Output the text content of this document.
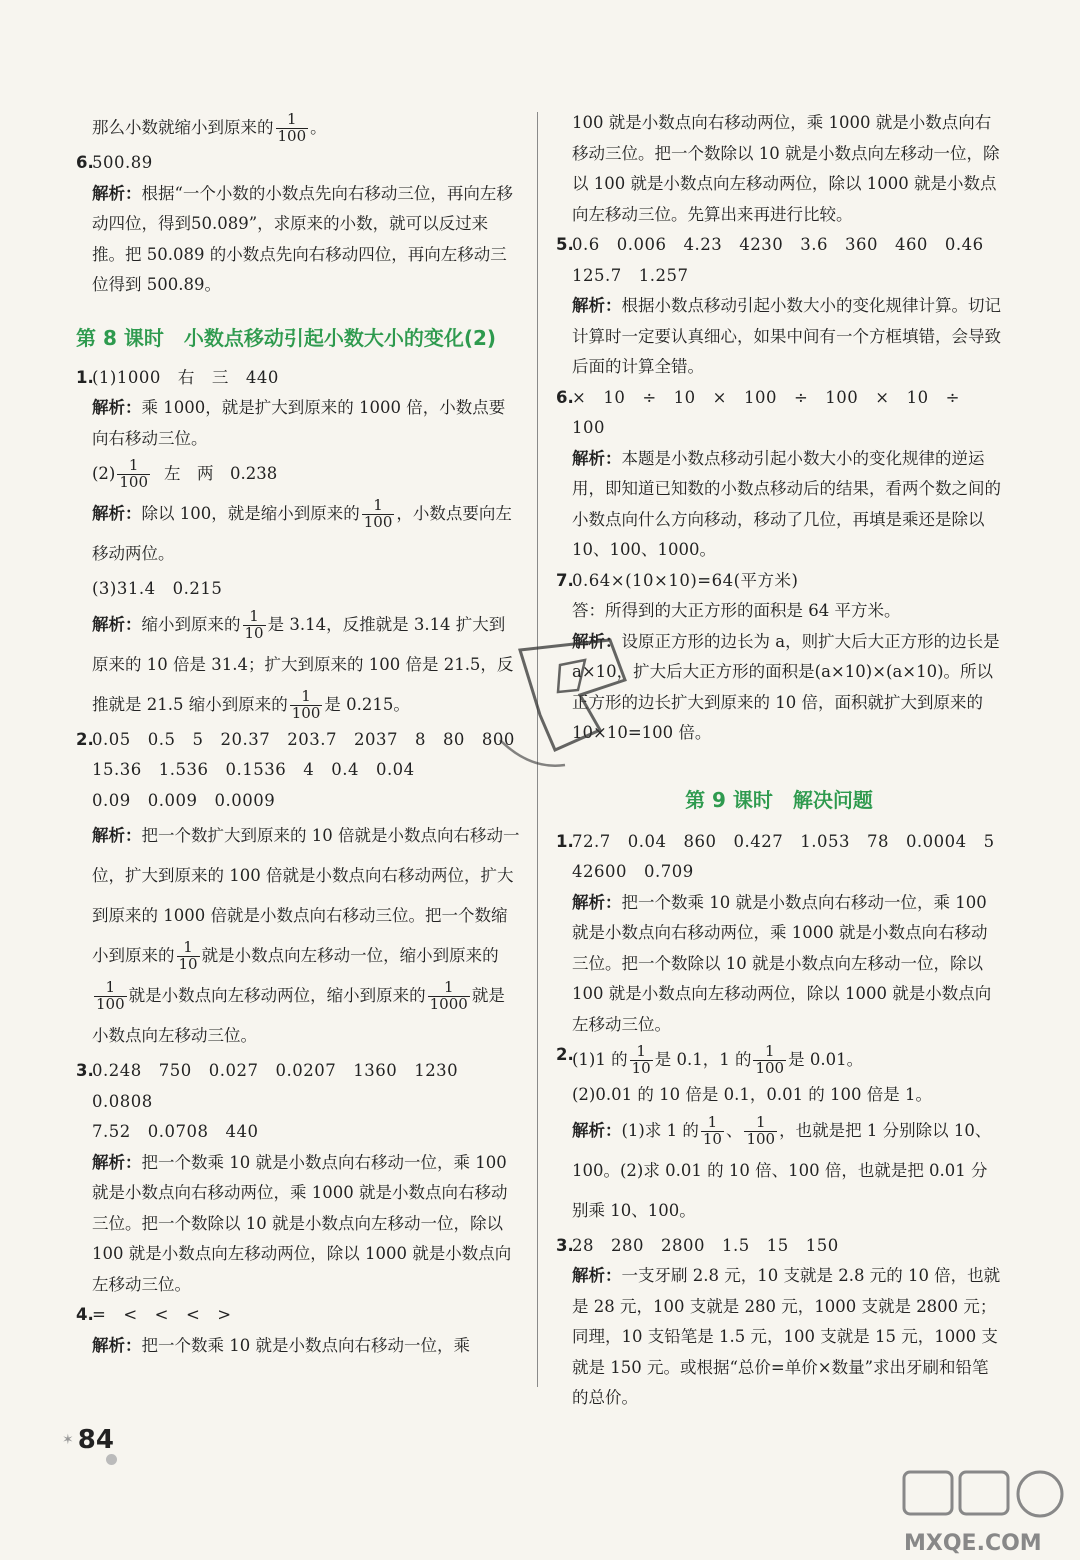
那么小数就缩小到原来的 $\frac{1}{100}$ 。
6.
500.89
解析：根据“一个小数的小数点先向右移动三位，再向左移动四位，得到50.089”，求原来的小数，就可以反过来推。把 50.089 的小数点先向右移动四位，再向左移动三位得到 500.89。
第 8 课时　小数点移动引起小数大小的变化(2)
1.
(1)1000　右　三　440
解析：乘 1000，就是扩大到原来的 1000 倍，小数点要向右移动三位。
$(2) \frac{1}{100}$ 左　两　0.238
解析：除以 100，就是缩小到原来的 $\frac{1}{100}$ ，小数点要向左移动两位。
(3)31.4　0.215
解析：缩小到原来的 $\frac{1}{10}$ 是 3.14，反推就是 3.14 扩大到原来的 10 倍是 31.4；扩大到原来的 100 倍是 21.5，反推就是 21.5 缩小到原来的 $\frac{1}{100}$ 是 0.215。
2.
0.05　0.5　5　20.37　203.7　2037　8　80　800
15.36　1.536　0.1536　4　0.4　0.04
0.09　0.009　0.0009
解析：把一个数扩大到原来的 10 倍就是小数点向右移动一位，扩大到原来的 100 倍就是小数点向右移动两位，扩大到原来的 1000 倍就是小数点向右移动三位。把一个数缩小到原来的 $\frac{1}{10}$ 就是小数点向左移动一位，缩小到原来的
$\frac{1}{100}$ 就是小数点向左移动两位，缩小到原来的 $\frac{1}{1000}$ 就是小数点向左移动三位。
3.
0.248　750　0.027　0.0207　1360　1230　0.0808
7.52　0.0708　440
解析：把一个数乘 10 就是小数点向右移动一位，乘 100 就是小数点向右移动两位，乘 1000 就是小数点向右移动三位。把一个数除以 10 就是小数点向左移动一位，除以 100 就是小数点向左移动两位，除以 1000 就是小数点向左移动三位。
4.
=　<　<　<　>
解析：把一个数乘 10 就是小数点向右移动一位，乘
100 就是小数点向右移动两位，乘 1000 就是小数点向右移动三位。把一个数除以 10 就是小数点向左移动一位，除以 100 就是小数点向左移动两位，除以 1000 就是小数点向左移动三位。先算出来再进行比较。
5.
0.6　0.006　4.23　4230　3.6　360　460　0.46
125.7　1.257
解析：根据小数点移动引起小数大小的变化规律计算。切记计算时一定要认真细心，如果中间有一个方框填错，会导致后面的计算全错。
6.
×　10　÷　10　×　100　÷　100　×　10　÷　100
解析：本题是小数点移动引起小数大小的变化规律的逆运用，即知道已知数的小数点移动后的结果，看两个数之间的小数点向什么方向移动，移动了几位，再填是乘还是除以 10、100、1000。
7.
0.64×(10×10)=64(平方米)
答：所得到的大正方形的面积是 64 平方米。
解析：设原正方形的边长为 a，则扩大后大正方形的边长是 a×10，扩大后大正方形的面积是(a×10)×(a×10)。所以正方形的边长扩大到原来的 10 倍，面积就扩大到原来的 10×10=100 倍。
第 9 课时　解决问题
1.
72.7　0.04　860　0.427　1.053　78　0.0004　5
42600　0.709
解析：把一个数乘 10 就是小数点向右移动一位，乘 100 就是小数点向右移动两位，乘 1000 就是小数点向右移动三位。把一个数除以 10 就是小数点向左移动一位，除以 100 就是小数点向左移动两位，除以 1000 就是小数点向左移动三位。
2.
(1)1 的 $\frac{1}{10}$ 是 0.1，1 的 $\frac{1}{100}$ 是 0.01。
(2)0.01 的 10 倍是 0.1，0.01 的 100 倍是 1。
解析：(1)求 1 的 $\frac{1}{10}$ 、 $\frac{1}{100}$ ，也就是把 1 分别除以 10、100。(2)求 0.01 的 10 倍、100 倍，也就是把 0.01 分别乘 10、100。
3.
28　280　2800　1.5　15　150
解析：一支牙刷 2.8 元，10 支就是 2.8 元的 10 倍，也就是 28 元，100 支就是 280 元，1000 支就是 2800 元；同理，10 支铅笔是 1.5 元，100 支就是 15 元，1000 支就是 150 元。或根据“总价=单价×数量”求出牙刷和铅笔的总价。
✶ 84
MXQE.COM
